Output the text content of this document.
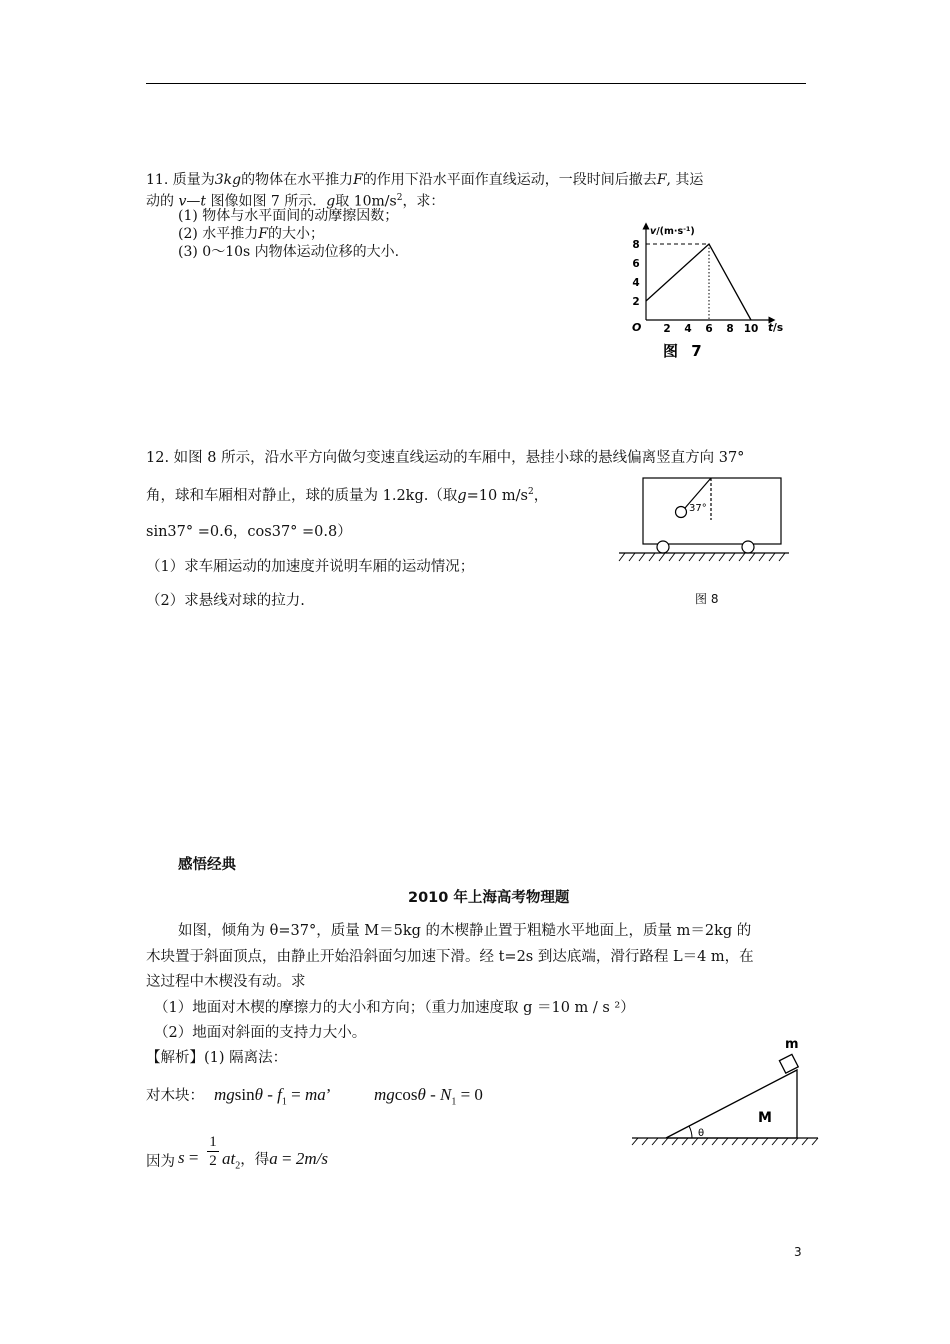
11. 质量为3kg的物体在水平推力F的作用下沿水平面作直线运动，一段时间后撤去F, 其运
动的 v—t 图像如图 7 所示．g取 $10m/s^2$，求：
(1) 物体与水平面间的动摩擦因数；
(2) 水平推力F的大小；
(3) 0～10s 内物体运动位移的大小.
$v/(m\cdot s^{-1})$
8
6
4
2
2 4 6 8 10
O	t/s
图 7
12. 如图 8 所示，沿水平方向做匀变速直线运动的车厢中，悬挂小球的悬线偏离竖直方向 37°
角，球和车厢相对静止，球的质量为 1.2kg.（取g=10 $m/s^2$，
sin37° =0.6，cos37° =0.8）
（1）求车厢运动的加速度并说明车厢的运动情况；
（2）求悬线对球的拉力.
37°
图 8
感悟经典
2010 年上海高考物理题
如图，倾角为 θ=37°，质量 M＝5kg 的木楔静止置于粗糙水平地面上，质量 m＝2kg 的
木块置于斜面顶点，由静止开始沿斜面匀加速下滑。经 t=2s 到达底端，滑行路程 L＝4 m，在
这过程中木楔没有动。求
（1）地面对木楔的摩擦力的大小和方向；（重力加速度取 g ＝10 m / s ²）
（2）地面对斜面的支持力大小。
【解析】(1) 隔离法：
对木块： mgsinθ - $f_1$ = ma’	$mgcos\theta - N_1 = 0$
因为 s =
1
2 $at_2$，得a = 2m/s
m
M
θ
3
